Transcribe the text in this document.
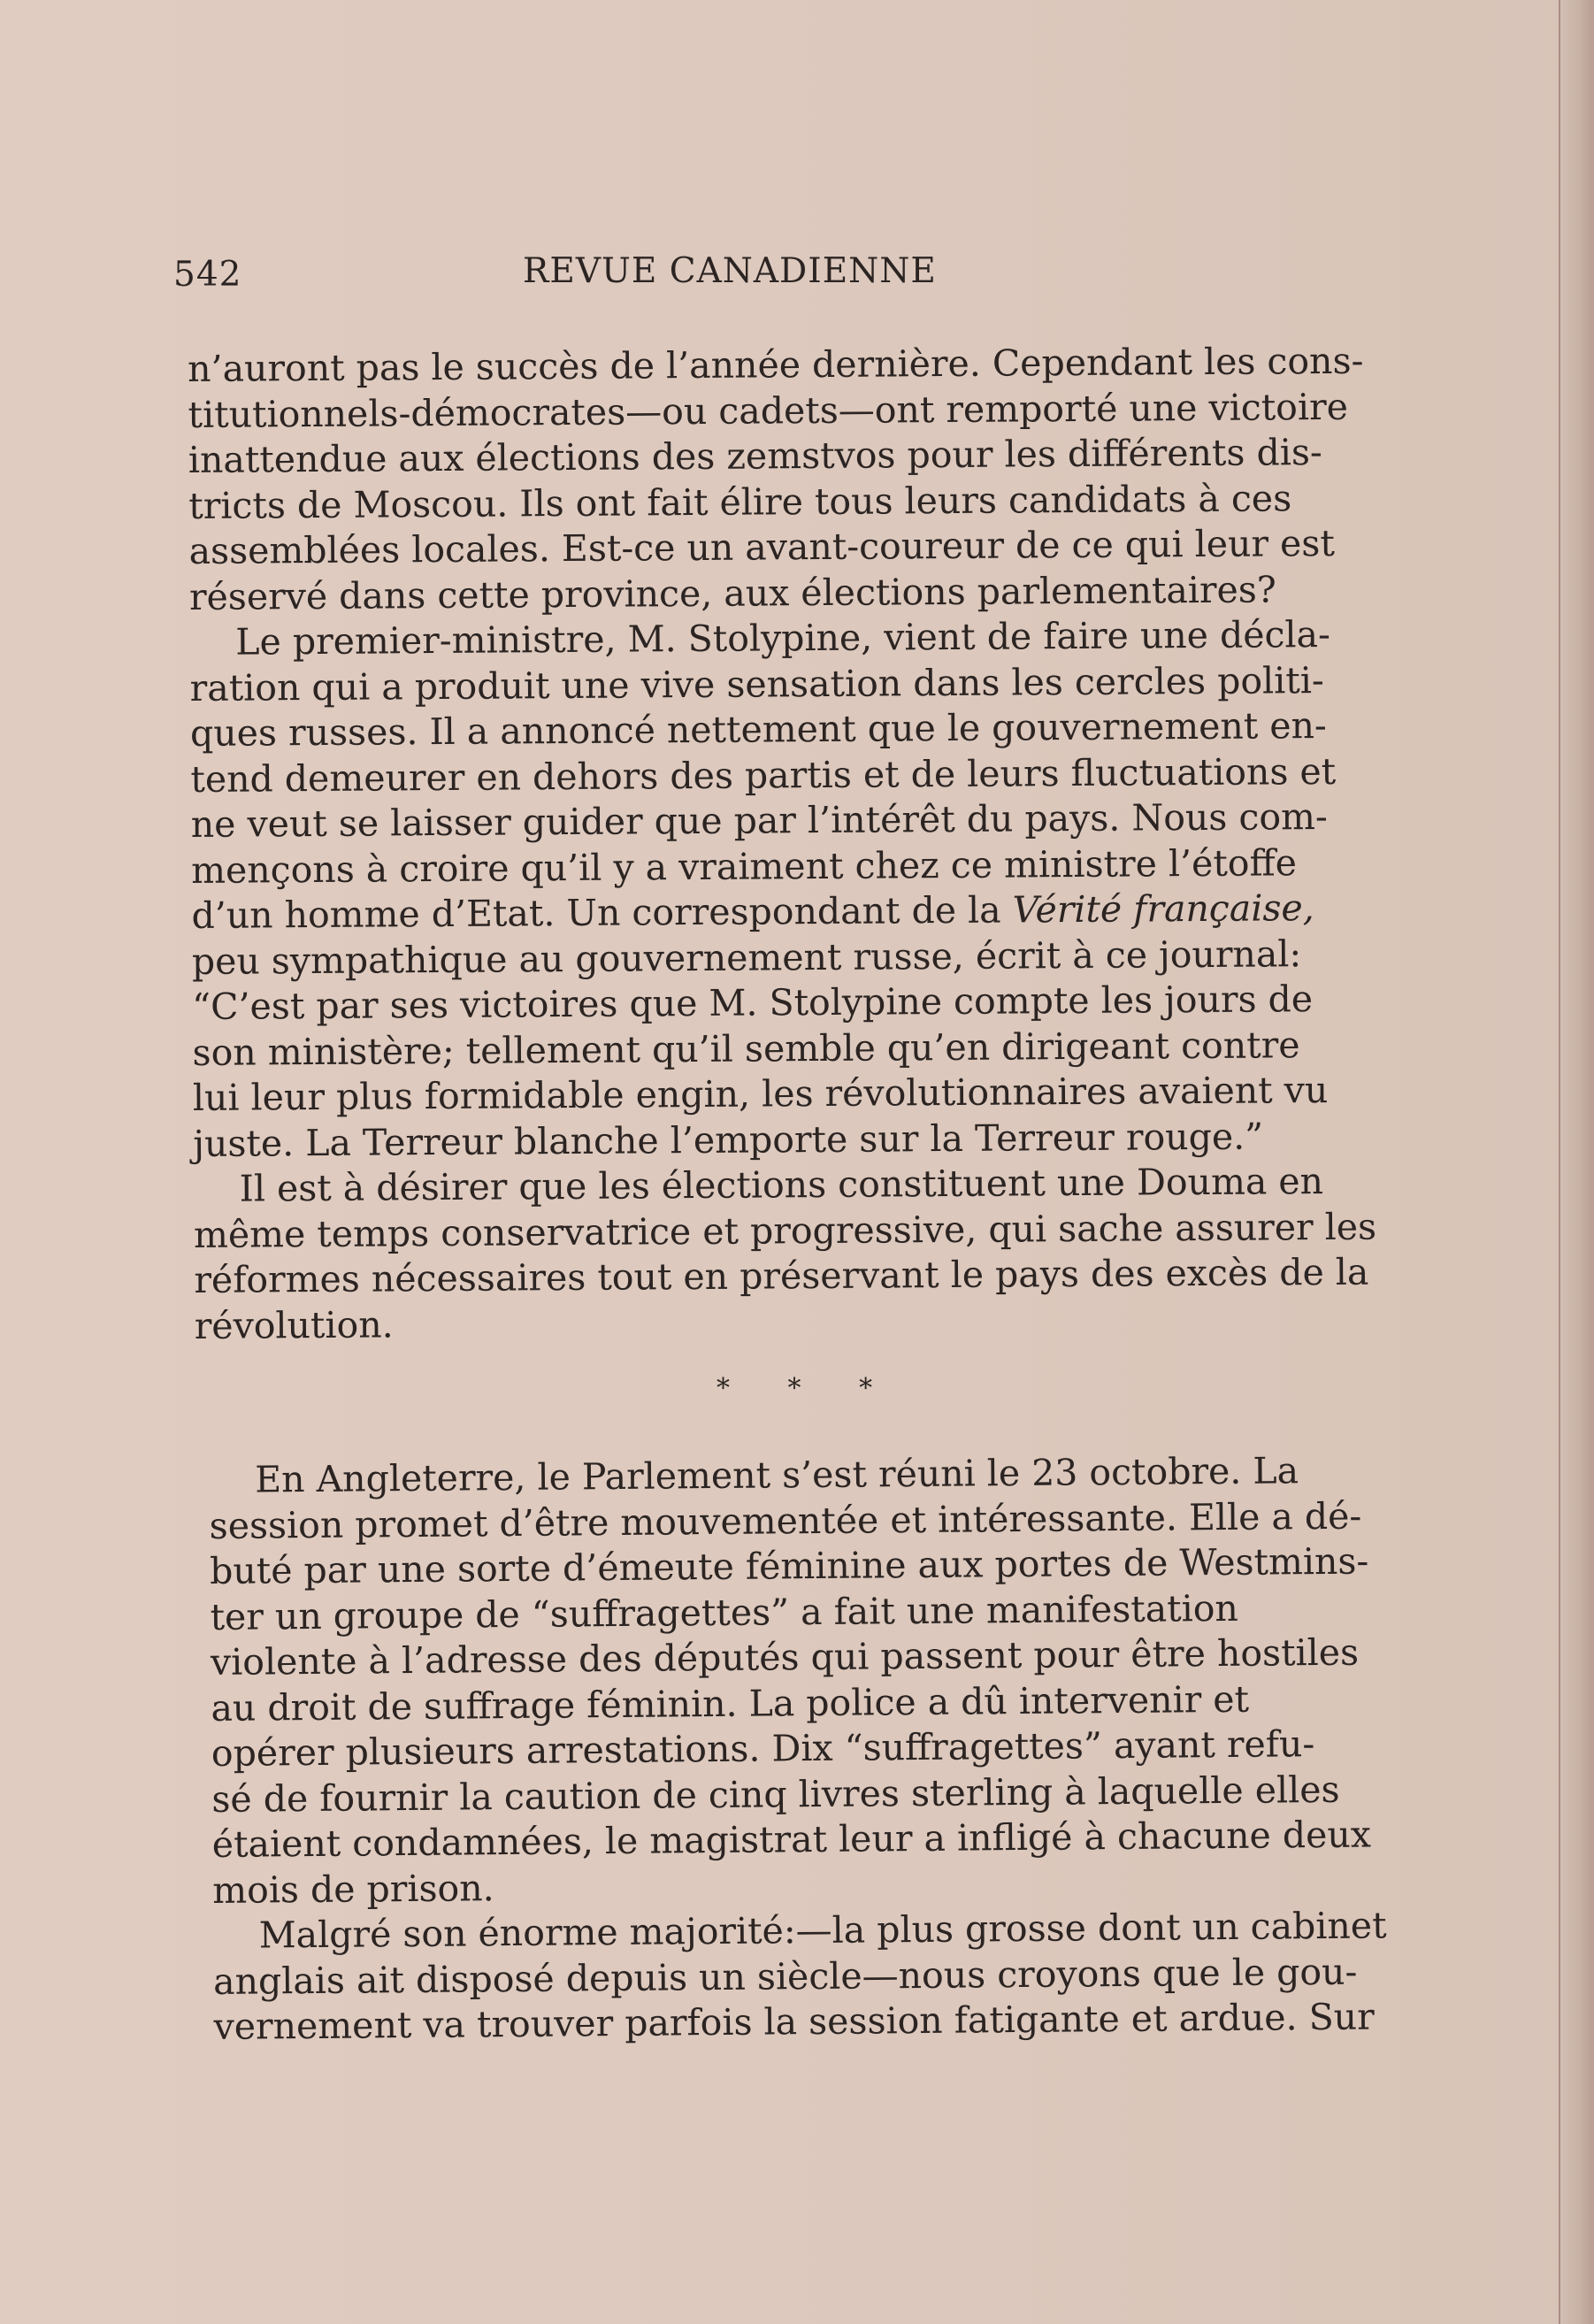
542	REVUE CANADIENNE
n’auront pas le succès de l’année dernière. Cependant les cons-
titutionnels-démocrates—ou cadets—ont remporté une victoire
inattendue aux élections des zemstvos pour les différents dis-
tricts de Moscou. Ils ont fait élire tous leurs candidats à ces
assemblées locales. Est-ce un avant-coureur de ce qui leur est
réservé dans cette province, aux élections parlementaires?
Le premier-ministre, M. Stolypine, vient de faire une décla-
ration qui a produit une vive sensation dans les cercles politi-
ques russes. Il a annoncé nettement que le gouvernement en-
tend demeurer en dehors des partis et de leurs fluctuations et
ne veut se laisser guider que par l’intérêt du pays. Nous com-
mençons à croire qu’il y a vraiment chez ce ministre l’étoffe
d’un homme d’Etat. Un correspondant de la Vérité française,
peu sympathique au gouvernement russe, écrit à ce journal:
“C’est par ses victoires que M. Stolypine compte les jours de
son ministère; tellement qu’il semble qu’en dirigeant contre
lui leur plus formidable engin, les révolutionnaires avaient vu
juste. La Terreur blanche l’emporte sur la Terreur rouge.”
Il est à désirer que les élections constituent une Douma en
même temps conservatrice et progressive, qui sache assurer les
réformes nécessaires tout en préservant le pays des excès de la
révolution.
* * *
En Angleterre, le Parlement s’est réuni le 23 octobre. La
session promet d’être mouvementée et intéressante. Elle a dé-
buté par une sorte d’émeute féminine aux portes de Westmins-
ter un groupe de “suffragettes” a fait une manifestation
violente à l’adresse des députés qui passent pour être hostiles
au droit de suffrage féminin. La police a dû intervenir et
opérer plusieurs arrestations. Dix “suffragettes” ayant refu-
sé de fournir la caution de cinq livres sterling à laquelle elles
étaient condamnées, le magistrat leur a infligé à chacune deux
mois de prison.
Malgré son énorme majorité:—la plus grosse dont un cabinet
anglais ait disposé depuis un siècle—nous croyons que le gou-
vernement va trouver parfois la session fatigante et ardue. Sur
